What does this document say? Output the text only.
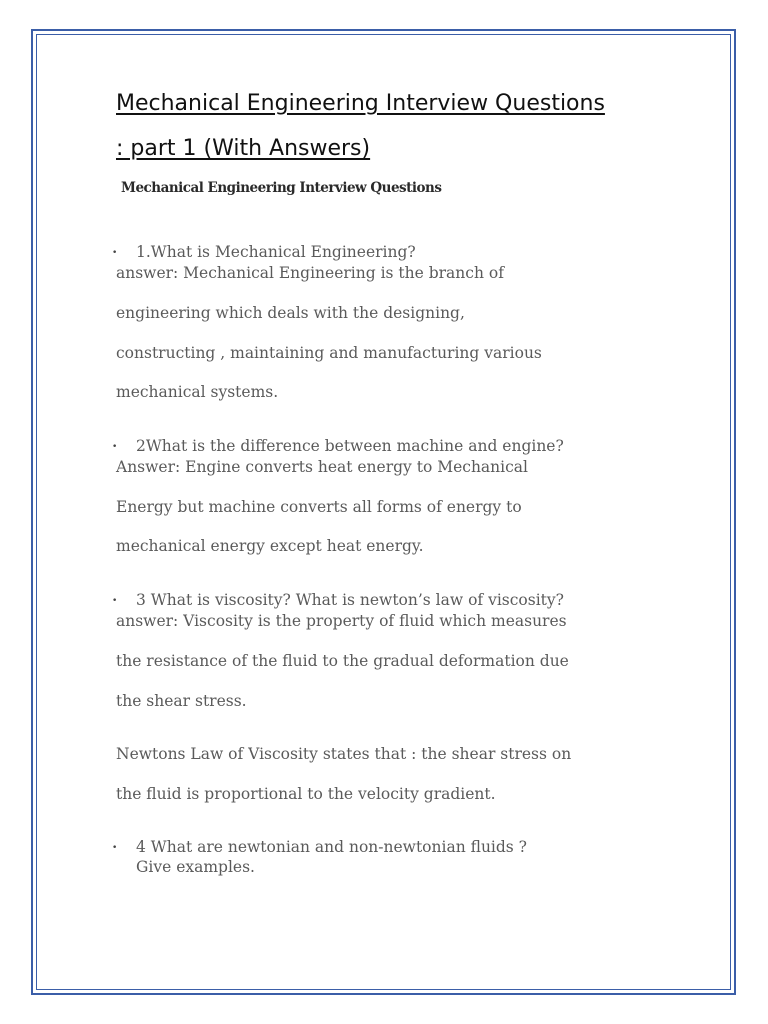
Mechanical Engineering Interview Questions
: part 1 (With Answers)
Mechanical Engineering Interview Questions
• 1.What is Mechanical Engineering?
answer: Mechanical Engineering is the branch of
engineering which deals with the designing,
constructing , maintaining and manufacturing various
mechanical systems.
• 2What is the difference between machine and engine?
Answer: Engine converts heat energy to Mechanical
Energy but machine converts all forms of energy to
mechanical energy except heat energy.
• 3 What is viscosity? What is newton’s law of viscosity?
answer: Viscosity is the property of fluid which measures
the resistance of the fluid to the gradual deformation due
the shear stress.
Newtons Law of Viscosity states that : the shear stress on
the fluid is proportional to the velocity gradient.
• 4 What are newtonian and non-newtonian fluids ?
Give examples.
